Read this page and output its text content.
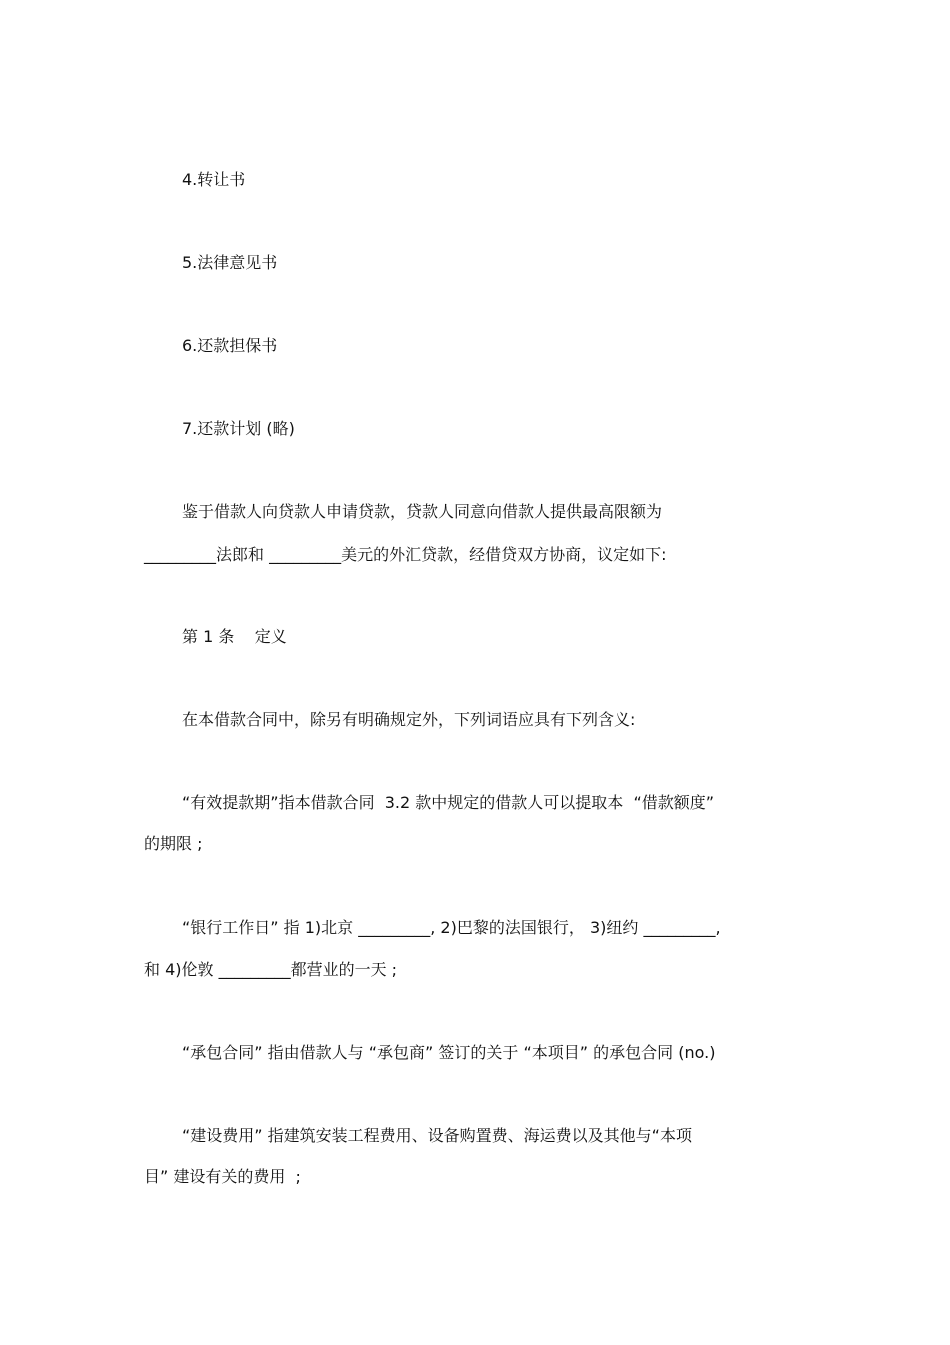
4.转让书

5.法律意见书

6.还款担保书

7.还款计划 (略)

鉴于借款人向贷款人申请贷款，贷款人同意向借款人提供最高限额为

_________法郎和 _________美元的外汇贷款，经借贷双方协商，议定如下:

第 1 条    定义

在本借款合同中，除另有明确规定外，下列词语应具有下列含义:

“有效提款期”指本借款合同  3.2 款中规定的借款人可以提取本  “借款额度”

的期限 ;

“银行工作日” 指 1)北京 _________, 2)巴黎的法国银行， 3)纽约 _________,

和 4)伦敦 _________都营业的一天 ;

“承包合同” 指由借款人与 “承包商” 签订的关于 “本项目” 的承包合同 (no.)

“建设费用” 指建筑安装工程费用、设备购置费、海运费以及其他与“本项

目” 建设有关的费用  ;
